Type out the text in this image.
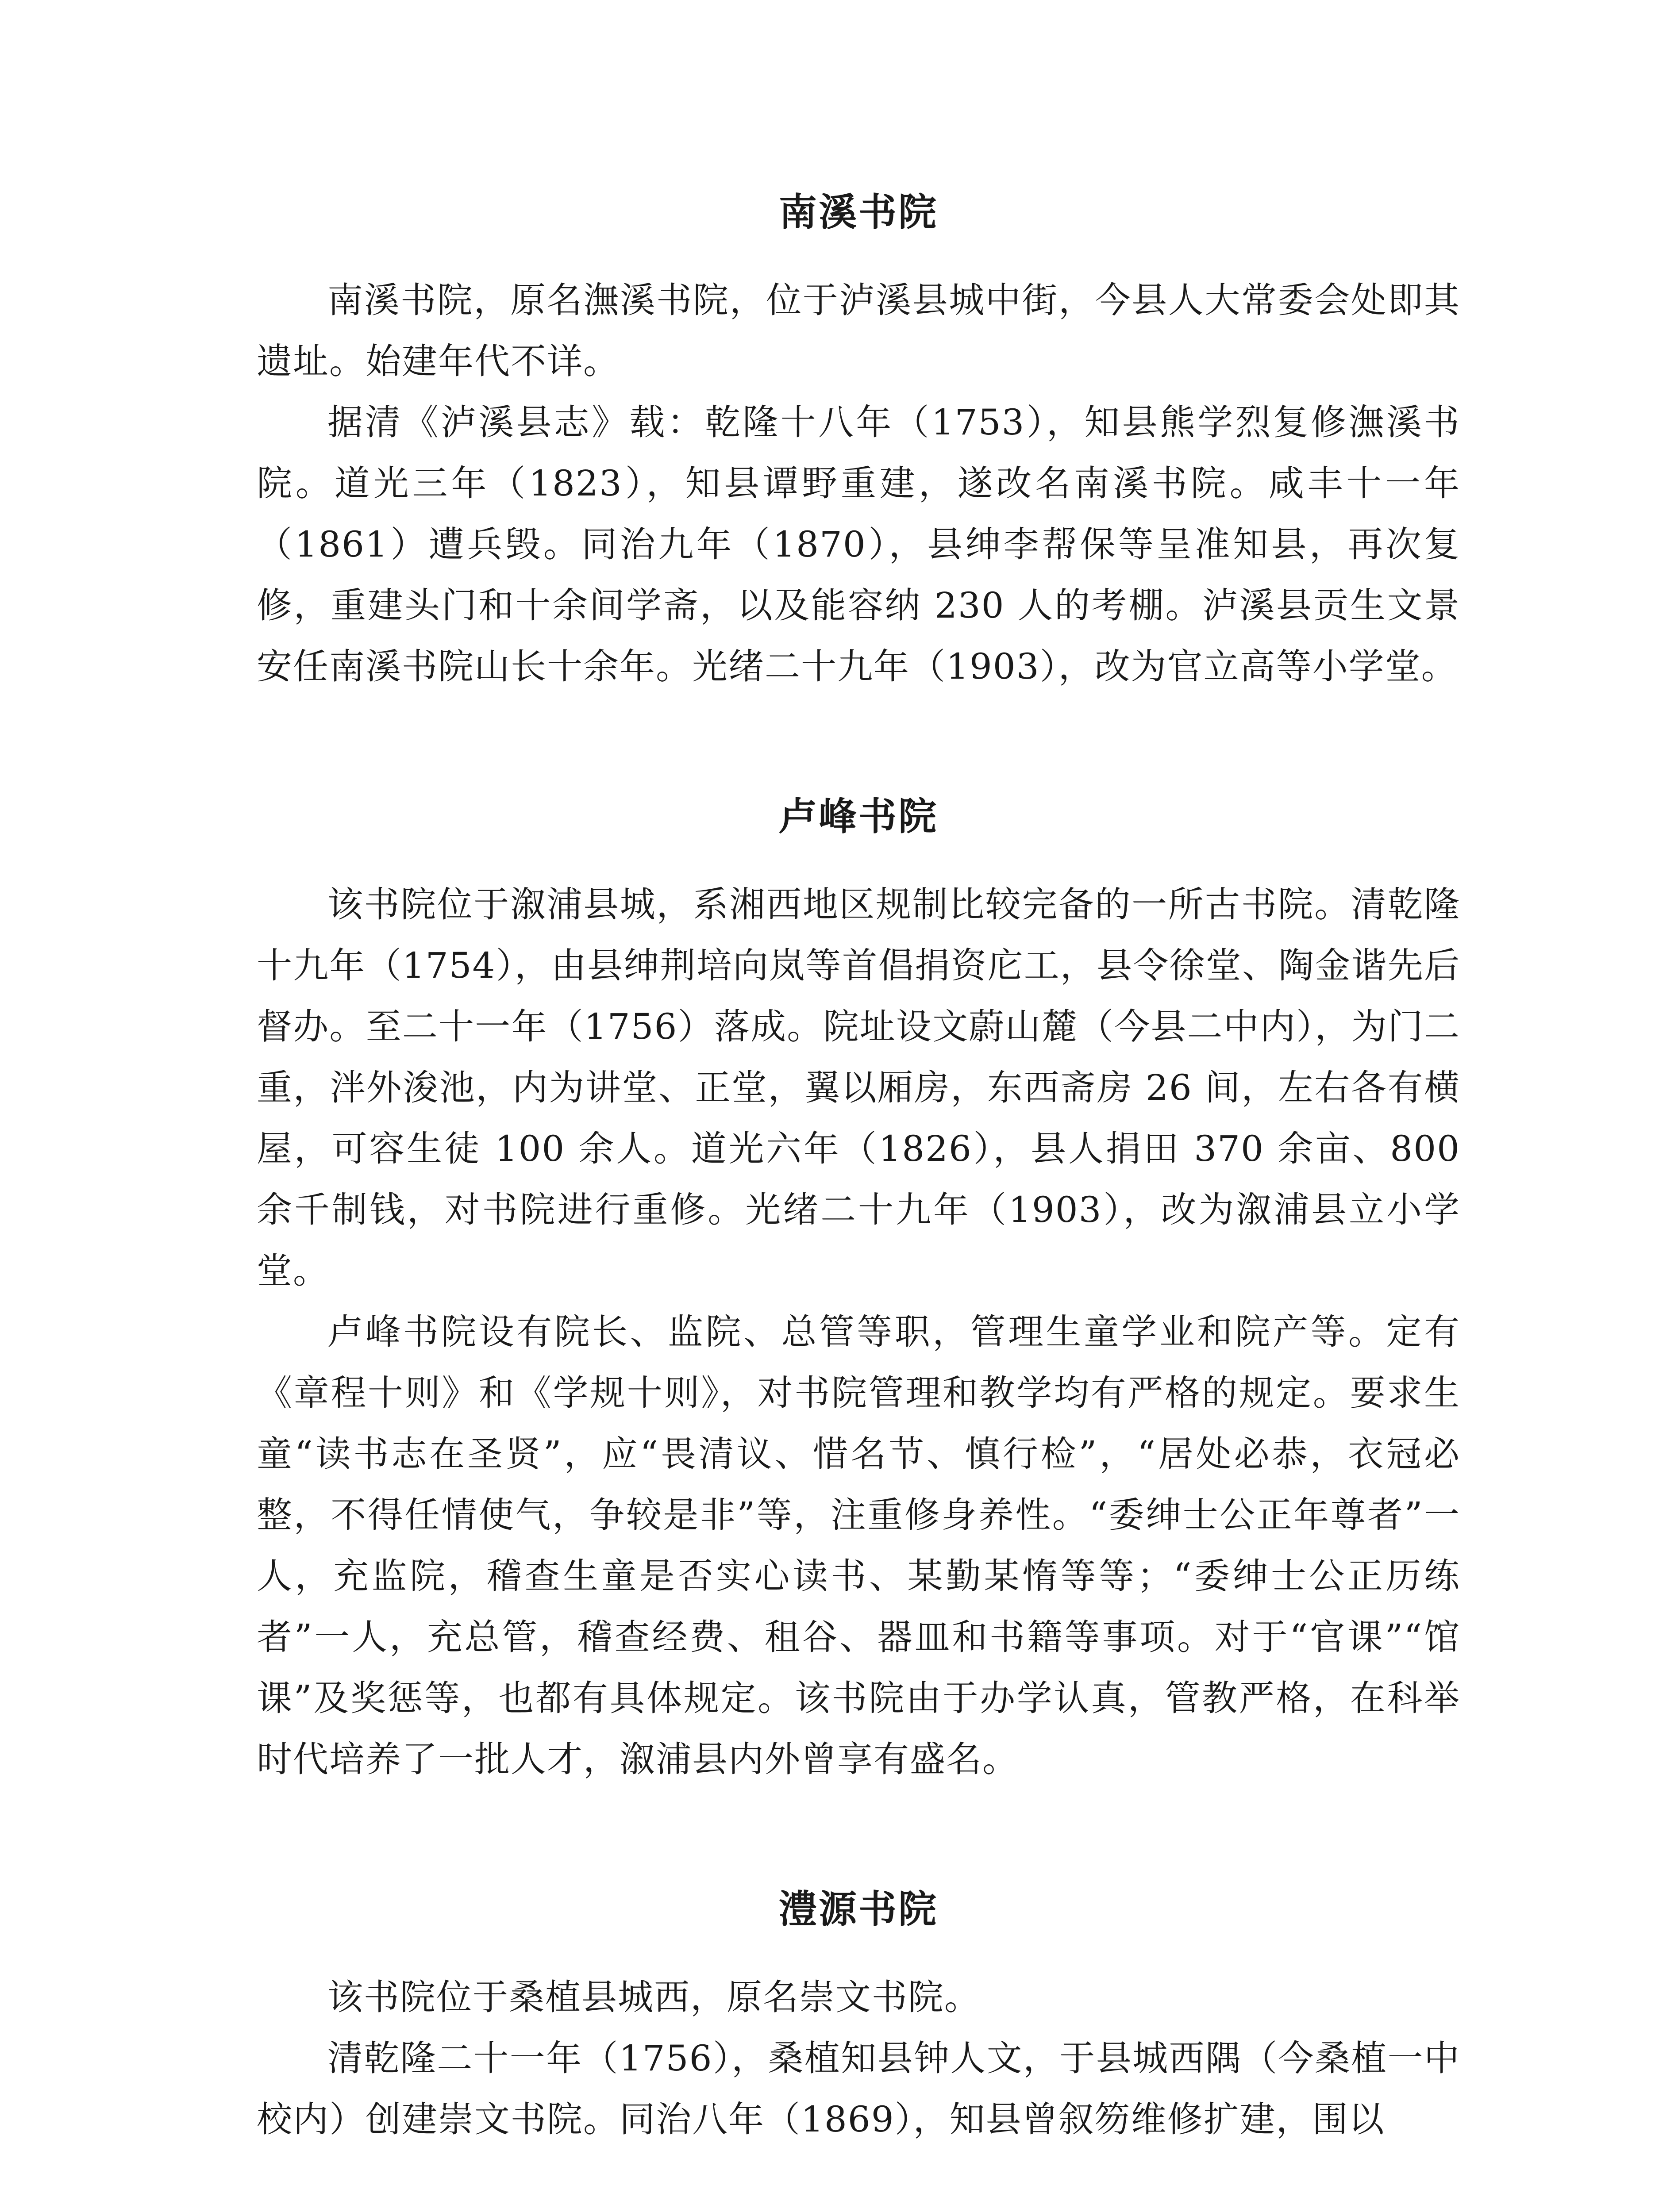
南溪书院

南溪书院，原名潕溪书院，位于泸溪县城中街，今县人大常委会处即其遗址。始建年代不详。

据清《泸溪县志》载：乾隆十八年（1753），知县熊学烈复修潕溪书院。道光三年（1823），知县谭野重建，遂改名南溪书院。咸丰十一年（1861）遭兵毁。同治九年（1870），县绅李帮保等呈准知县，再次复修，重建头门和十余间学斋，以及能容纳 230 人的考棚。泸溪县贡生文景安任南溪书院山长十余年。光绪二十九年（1903），改为官立高等小学堂。

卢峰书院

该书院位于溆浦县城，系湘西地区规制比较完备的一所古书院。清乾隆十九年（1754），由县绅荆培向岚等首倡捐资庀工，县令徐堂、陶金谐先后督办。至二十一年（1756）落成。院址设文蔚山麓（今县二中内），为门二重，泮外浚池，内为讲堂、正堂，翼以厢房，东西斋房 26 间，左右各有横屋，可容生徒 100 余人。道光六年（1826），县人捐田 370 余亩、800 余千制钱，对书院进行重修。光绪二十九年（1903），改为溆浦县立小学堂。

卢峰书院设有院长、监院、总管等职，管理生童学业和院产等。定有《章程十则》和《学规十则》，对书院管理和教学均有严格的规定。要求生童“读书志在圣贤”，应“畏清议、惜名节、慎行检”，“居处必恭，衣冠必整，不得任情使气，争较是非”等，注重修身养性。“委绅士公正年尊者”一人，充监院，稽查生童是否实心读书、某勤某惰等等；“委绅士公正历练者”一人，充总管，稽查经费、租谷、器皿和书籍等事项。对于“官课”“馆课”及奖惩等，也都有具体规定。该书院由于办学认真，管教严格，在科举时代培养了一批人才，溆浦县内外曾享有盛名。

澧源书院

该书院位于桑植县城西，原名崇文书院。

清乾隆二十一年（1756），桑植知县钟人文，于县城西隅（今桑植一中校内）创建崇文书院。同治八年（1869），知县曾叙笏维修扩建，围以
